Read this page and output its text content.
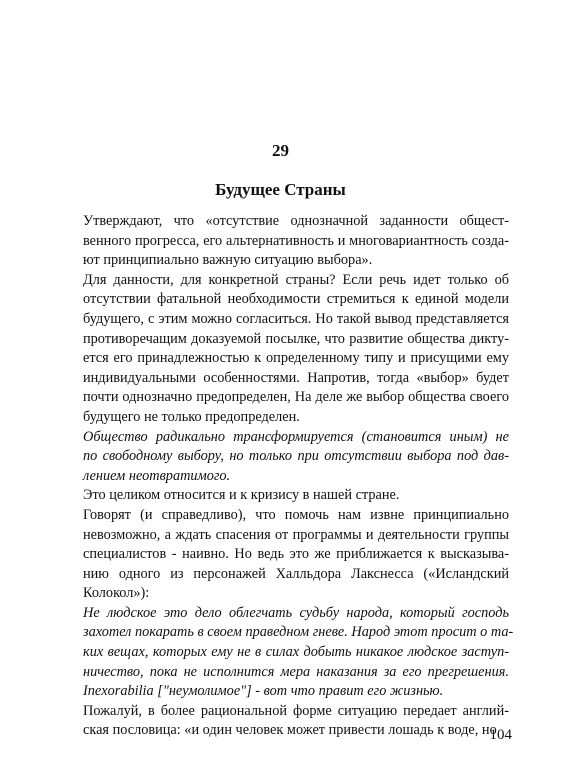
29
Будущее Страны

Утверждают, что «отсутствие однозначной заданности общест-
венного прогресса, его альтернативность и многовариантность созда-
ют принципиально важную ситуацию выбора».

Для данности, для конкретной страны? Если речь идет только об
отсутствии фатальной необходимости стремиться к единой модели
будущего, с этим можно согласиться. Но такой вывод представляется
противоречащим доказуемой посылке, что развитие общества дикту-
ется его принадлежностью к определенному типу и присущими ему
индивидуальными особенностями. Напротив, тогда «выбор» будет
почти однозначно предопределен, На деле же выбор общества своего
будущего не только предопределен.

Общество радикально трансформируется (становится иным) не
по свободному выбору, но только при отсутствии выбора под дав-
лением неотвратимого.

Это целиком относится и к кризису в нашей стране.

Говорят (и справедливо), что помочь нам извне принципиально
невозможно, а ждать спасения от программы и деятельности группы
специалистов - наивно. Но ведь это же приближается к высказыва-
нию одного из персонажей Халльдора Лакснесса («Исландский
Колокол»):

Не людское это дело облегчать судьбу народа, который господь
захотел покарать в своем праведном гневе. Народ этот просит о та-
ких вещах, которых ему не в силах добыть никакое людское заступ-
ничество, пока не исполнится мера наказания за его прегрешения.
Inexorabilia ["неумолимое"] - вот что правит его жизнью.

Пожалуй, в более рациональной форме ситуацию передает англий-
ская пословица: «и один человек может привести лошадь к воде, но

104
